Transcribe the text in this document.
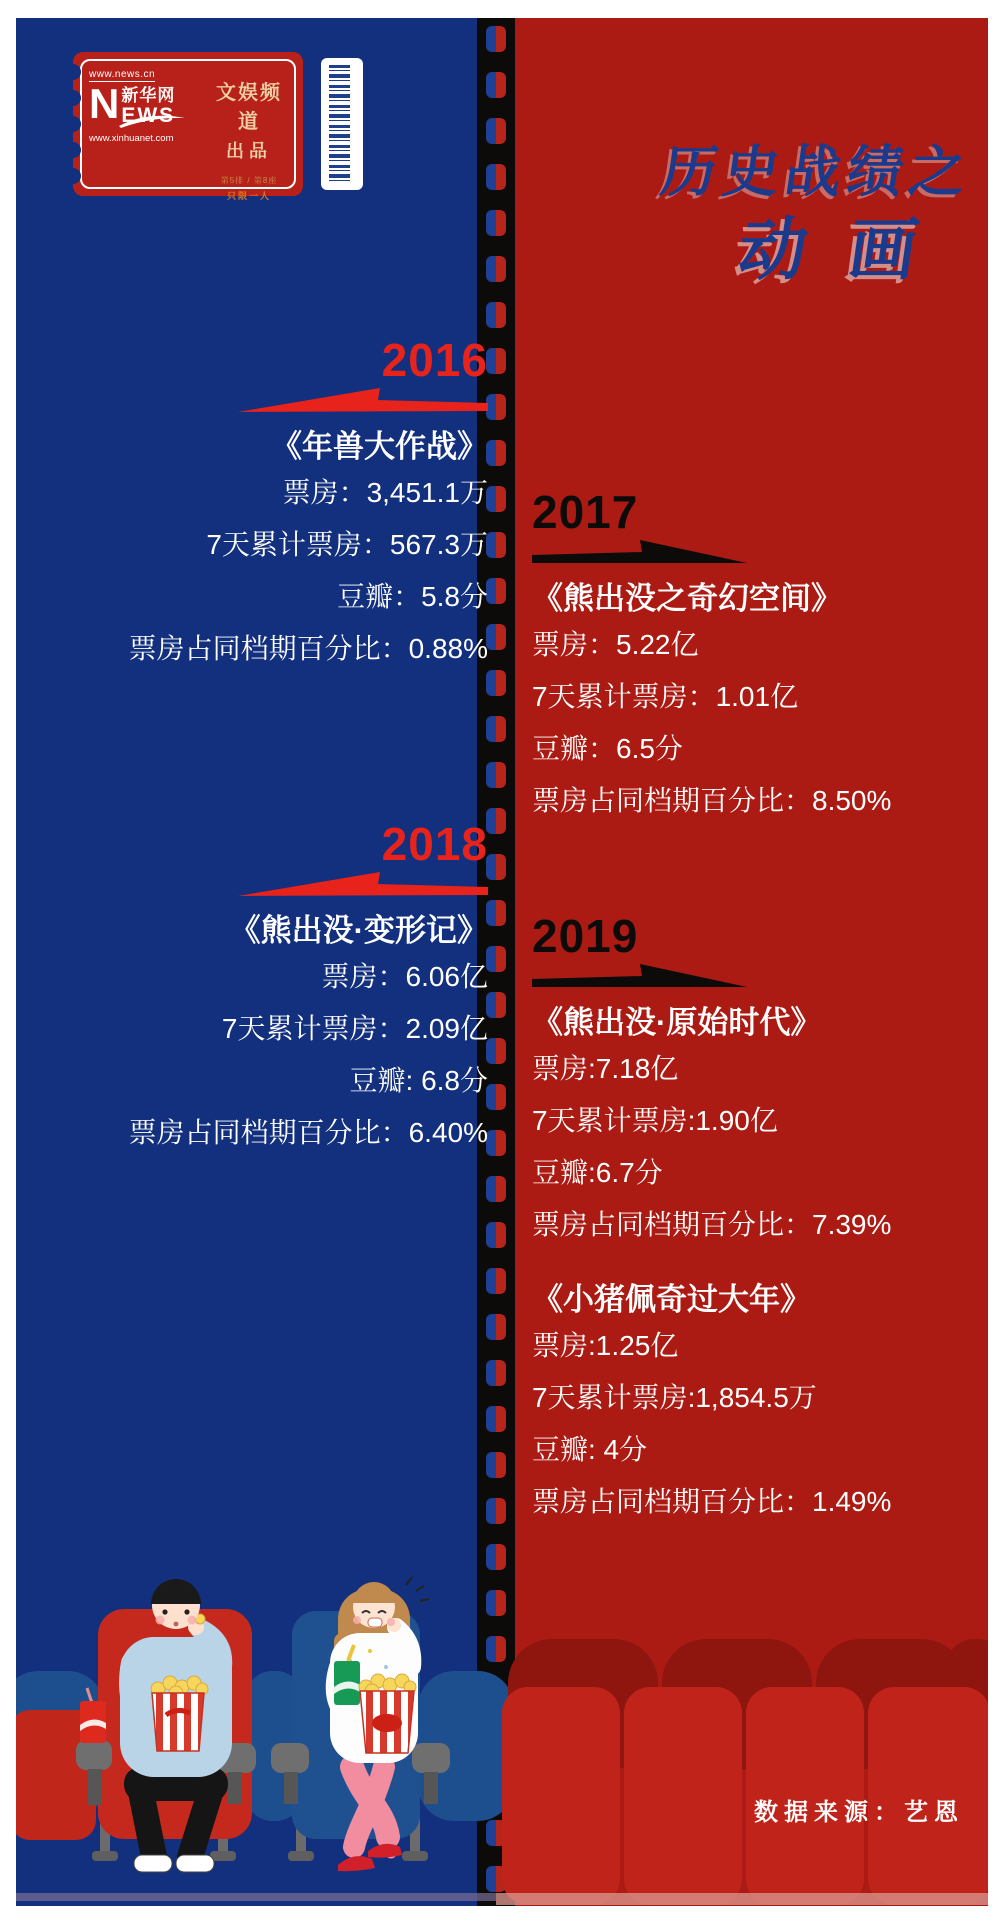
www.news.cn
N 新华网
EWS
www.xinhuanet.com
文娱频道
出品
第5排 / 第8座
只限一人	历史战绩之
动画
2016
《年兽大作战》
票房：3,451.1万
7天累计票房：567.3万
豆瓣：5.8分
票房占同档期百分比：0.88%
2017
《熊出没之奇幻空间》
票房：5.22亿
7天累计票房：1.01亿
豆瓣：6.5分
票房占同档期百分比：8.50%
2018
《熊出没·变形记》
票房：6.06亿
7天累计票房：2.09亿
豆瓣: 6.8分
票房占同档期百分比：6.40%
2019
《熊出没·原始时代》
票房:7.18亿
7天累计票房:1.90亿
豆瓣:6.7分
票房占同档期百分比：7.39%
《小猪佩奇过大年》
票房:1.25亿
7天累计票房:1,854.5万
豆瓣: 4分
票房占同档期百分比：1.49%
数据来源：艺恩
